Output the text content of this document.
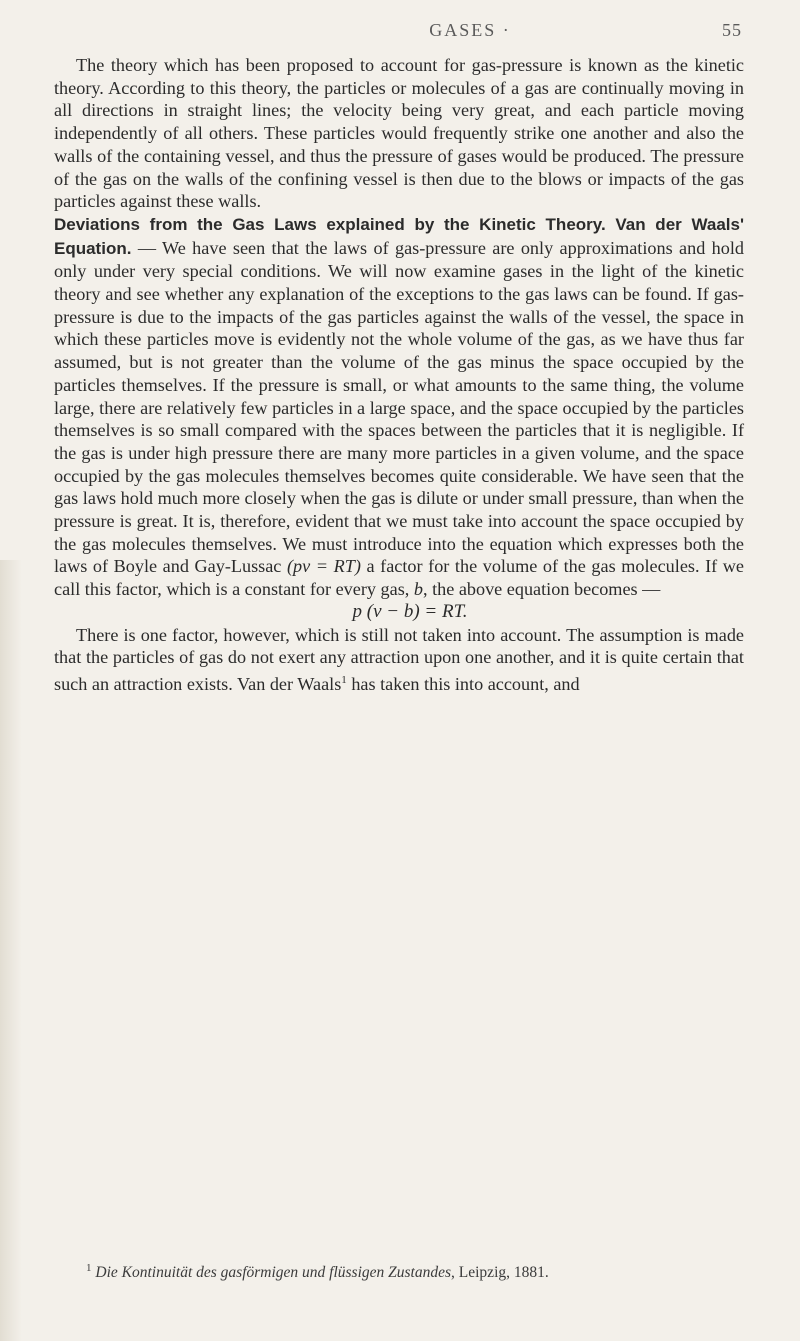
GASES ·	55

The theory which has been proposed to account for gas-pressure is known as the kinetic theory. According to this theory, the particles or molecules of a gas are continually moving in all directions in straight lines; the velocity being very great, and each particle moving independently of all others. These particles would frequently strike one another and also the walls of the containing vessel, and thus the pressure of gases would be produced. The pressure of the gas on the walls of the confining vessel is then due to the blows or impacts of the gas particles against these walls.

Deviations from the Gas Laws explained by the Kinetic Theory. Van der Waals' Equation. — We have seen that the laws of gas-pressure are only approximations and hold only under very special conditions. We will now examine gases in the light of the kinetic theory and see whether any explanation of the exceptions to the gas laws can be found. If gas-pressure is due to the impacts of the gas particles against the walls of the vessel, the space in which these particles move is evidently not the whole volume of the gas, as we have thus far assumed, but is not greater than the volume of the gas minus the space occupied by the particles themselves. If the pressure is small, or what amounts to the same thing, the volume large, there are relatively few particles in a large space, and the space occupied by the particles themselves is so small compared with the spaces between the particles that it is negligible. If the gas is under high pressure there are many more particles in a given volume, and the space occupied by the gas molecules themselves becomes quite considerable. We have seen that the gas laws hold much more closely when the gas is dilute or under small pressure, than when the pressure is great. It is, therefore, evident that we must take into account the space occupied by the gas molecules themselves. We must introduce into the equation which expresses both the laws of Boyle and Gay-Lussac (pv = RT) a factor for the volume of the gas molecules. If we call this factor, which is a constant for every gas, b, the above equation becomes —

p (v − b) = RT.

There is one factor, however, which is still not taken into account. The assumption is made that the particles of gas do not exert any attraction upon one another, and it is quite certain that such an attraction exists. Van der Waals$^1$ has taken this into account, and

$^1$ Die Kontinuität des gasförmigen und flüssigen Zustandes, Leipzig, 1881.
